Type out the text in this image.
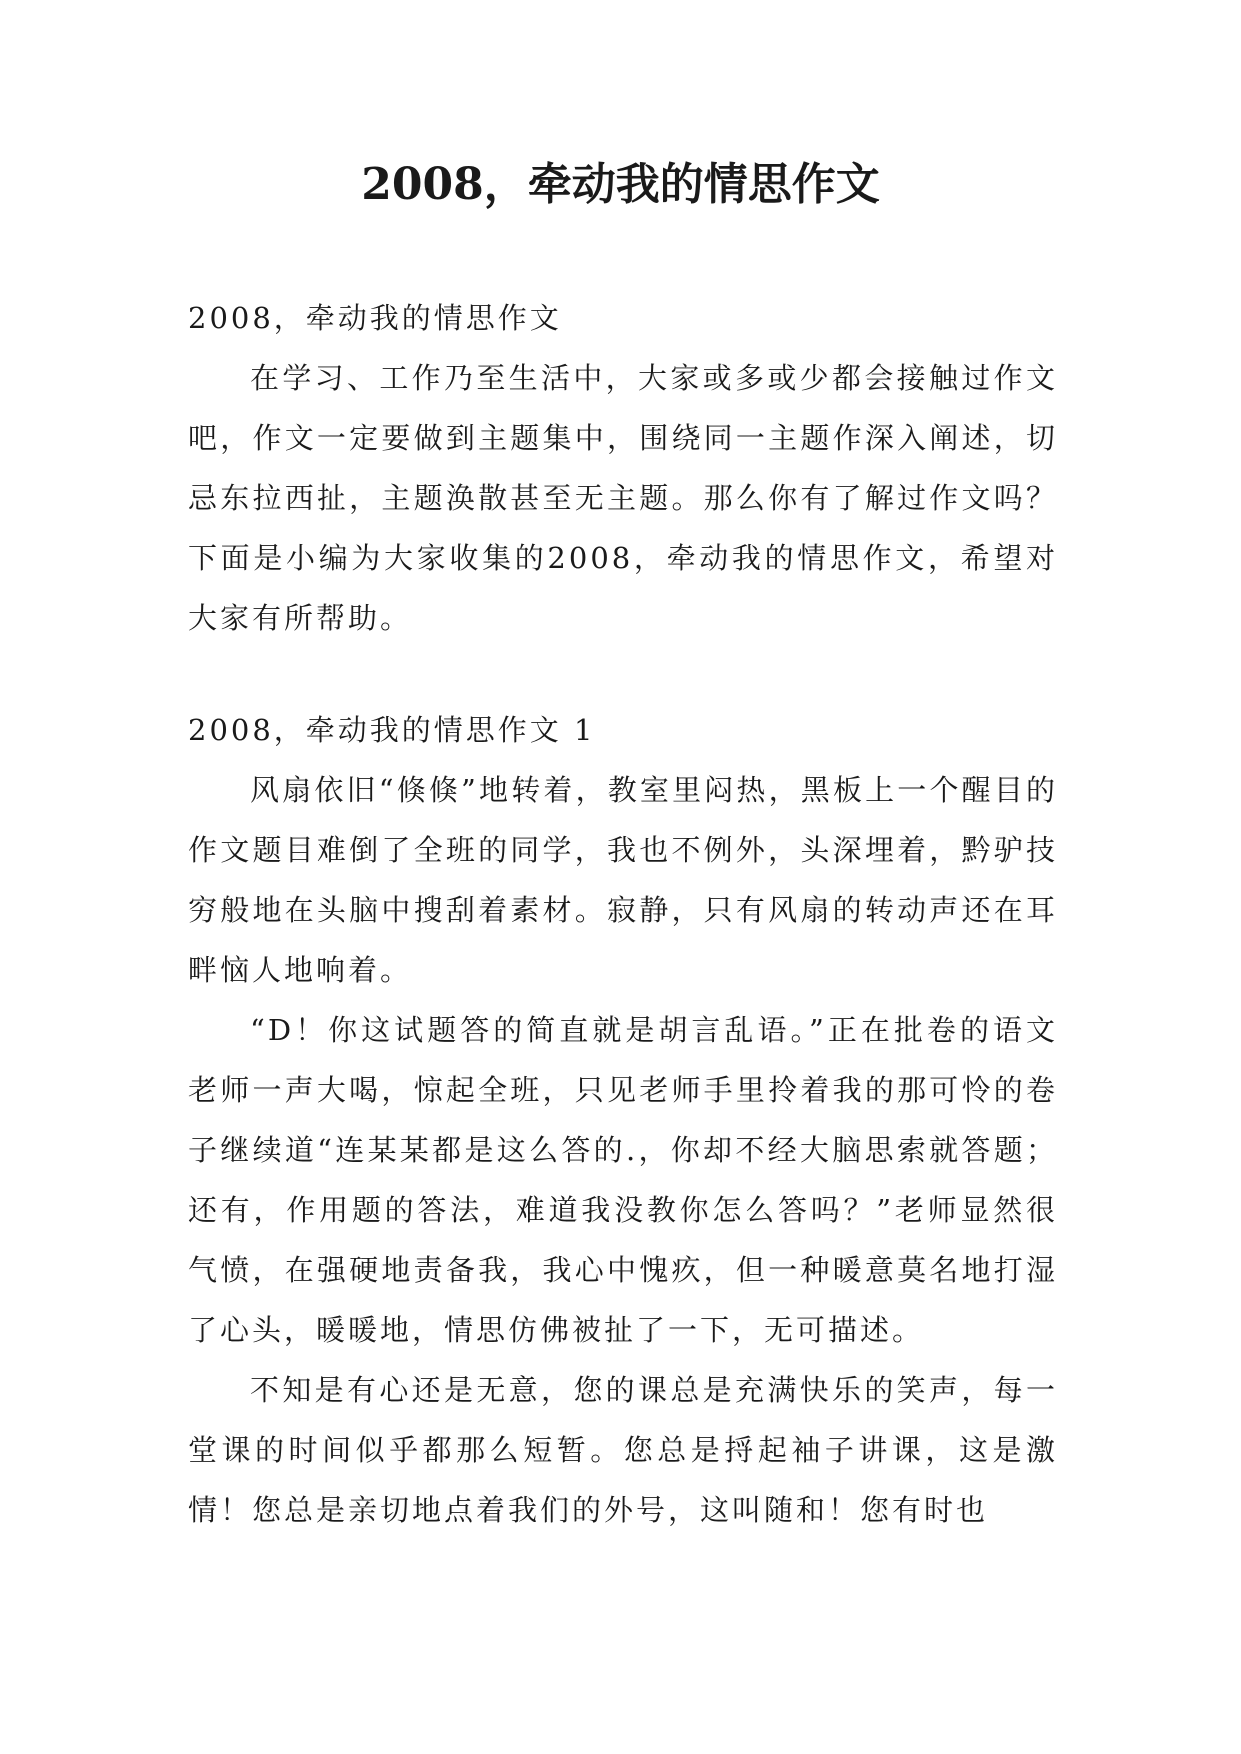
2008，牵动我的情思作文

2008，牵动我的情思作文

在学习、工作乃至生活中，大家或多或少都会接触过作文吧，作文一定要做到主题集中，围绕同一主题作深入阐述，切忌东拉西扯，主题涣散甚至无主题。那么你有了解过作文吗？下面是小编为大家收集的2008，牵动我的情思作文，希望对大家有所帮助。

2008，牵动我的情思作文 1

风扇依旧“倏倏”地转着，教室里闷热，黑板上一个醒目的作文题目难倒了全班的同学，我也不例外，头深埋着，黔驴技穷般地在头脑中搜刮着素材。寂静，只有风扇的转动声还在耳畔恼人地响着。

“D！你这试题答的简直就是胡言乱语。”正在批卷的语文老师一声大喝，惊起全班，只见老师手里拎着我的那可怜的卷子继续道“连某某都是这么答的.，你却不经大脑思索就答题；还有，作用题的答法，难道我没教你怎么答吗？”老师显然很气愤，在强硬地责备我，我心中愧疚，但一种暖意莫名地打湿了心头，暖暖地，情思仿佛被扯了一下，无可描述。

不知是有心还是无意，您的课总是充满快乐的笑声，每一堂课的时间似乎都那么短暂。您总是捋起袖子讲课，这是激情！您总是亲切地点着我们的外号，这叫随和！您有时也
